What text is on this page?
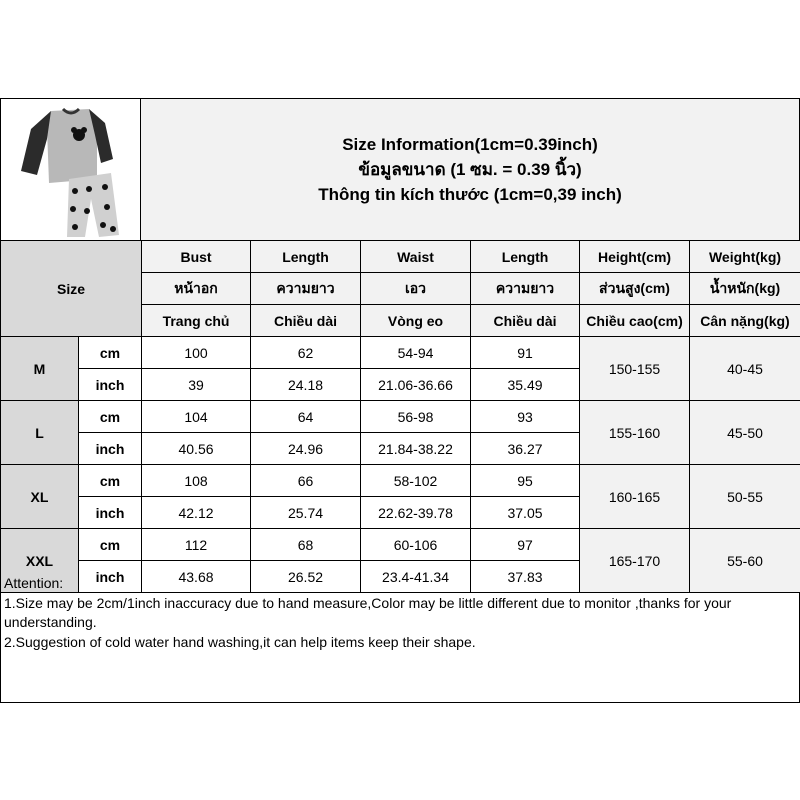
Size Information(1cm=0.39inch)
ข้อมูลขนาด (1 ซม. = 0.39 นิ้ว)
Thông tin kích thước (1cm=0,39 inch)
Size		Bust	Length	Waist	Length	Height(cm)	Weight(kg)
		หน้าอก	ความยาว	เอว	ความยาว	ส่วนสูง(cm)	น้ำหนัก(kg)
		Trang chủ	Chiều dài	Vòng eo	Chiều dài	Chiều cao(cm)	Cân nặng(kg)
M	cm	100	62	54-94	91	150-155	40-45
	inch	39	24.18	21.06-36.66	35.49		
L	cm	104	64	56-98	93	155-160	45-50
	inch	40.56	24.96	21.84-38.22	36.27		
XL	cm	108	66	58-102	95	160-165	50-55
	inch	42.12	25.74	22.62-39.78	37.05		
XXL	cm	112	68	60-106	97	165-170	55-60
	inch	43.68	26.52	23.4-41.34	37.83		
Attention:
1.Size may be 2cm/1inch inaccuracy due to hand measure,Color may be little different due to monitor ,thanks for your understanding.
2.Suggestion of cold water hand washing,it can help items keep their shape.
